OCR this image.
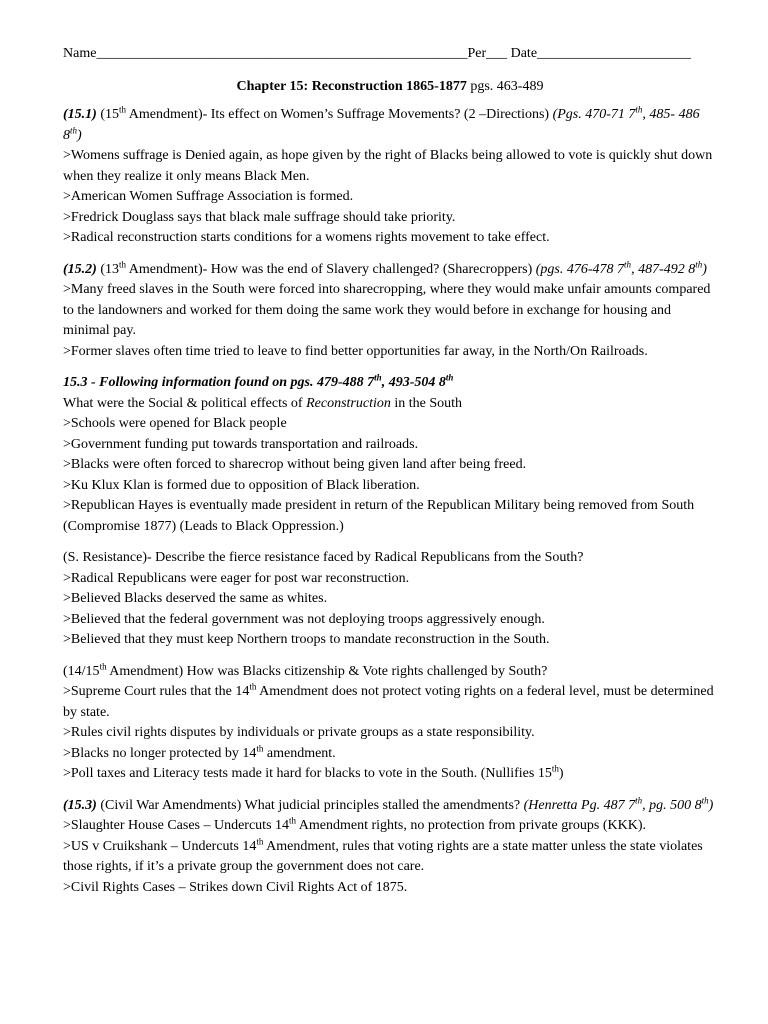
Name_____________________________________________________Per___ Date______________________
Chapter 15: Reconstruction 1865-1877 pgs. 463-489

(15.1) (15th Amendment)- Its effect on Women’s Suffrage Movements? (2 –Directions) (Pgs. 470-71 7th, 485- 486 8th)

>Womens suffrage is Denied again, as hope given by the right of Blacks being allowed to vote is quickly shut down when they realize it only means Black Men.

>American Women Suffrage Association is formed.

>Fredrick Douglass says that black male suffrage should take priority.

>Radical reconstruction starts conditions for a womens rights movement to take effect.

(15.2) (13th Amendment)- How was the end of Slavery challenged? (Sharecroppers) (pgs. 476-478 7th, 487-492 8th)

>Many freed slaves in the South were forced into sharecropping, where they would make unfair amounts compared to the landowners and worked for them doing the same work they would before in exchange for housing and minimal pay.

>Former slaves often time tried to leave to find better opportunities far away, in the North/On Railroads.

15.3 - Following information found on pgs. 479-488 7th, 493-504 8th

What were the Social & political effects of Reconstruction in the South

>Schools were opened for Black people

>Government funding put towards transportation and railroads.

>Blacks were often forced to sharecrop without being given land after being freed.

>Ku Klux Klan is formed due to opposition of Black liberation.

>Republican Hayes is eventually made president in return of the Republican Military being removed from South (Compromise 1877) (Leads to Black Oppression.)

(S. Resistance)- Describe the fierce resistance faced by Radical Republicans from the South?

>Radical Republicans were eager for post war reconstruction.

>Believed Blacks deserved the same as whites.

>Believed that the federal government was not deploying troops aggressively enough.

>Believed that they must keep Northern troops to mandate reconstruction in the South.

(14/15th Amendment) How was Blacks citizenship & Vote rights challenged by South?

>Supreme Court rules that the 14th Amendment does not protect voting rights on a federal level, must be determined by state.

>Rules civil rights disputes by individuals or private groups as a state responsibility.

>Blacks no longer protected by 14th amendment.

>Poll taxes and Literacy tests made it hard for blacks to vote in the South. (Nullifies 15th)

(15.3) (Civil War Amendments) What judicial principles stalled the amendments? (Henretta Pg. 487 7th, pg. 500 8th)

>Slaughter House Cases – Undercuts 14th Amendment rights, no protection from private groups (KKK).

>US v Cruikshank – Undercuts 14th Amendment, rules that voting rights are a state matter unless the state violates those rights, if it’s a private group the government does not care.

>Civil Rights Cases – Strikes down Civil Rights Act of 1875.
